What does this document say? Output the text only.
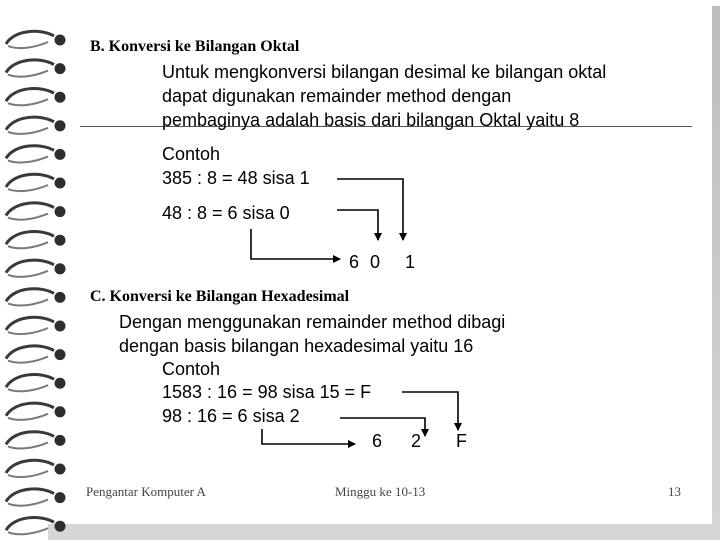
B. Konversi ke Bilangan Oktal
Untuk mengkonversi bilangan desimal ke bilangan oktal
dapat digunakan remainder method dengan
pembaginya adalah basis dari bilangan Oktal yaitu 8
Contoh
385 : 8 = 48 sisa 1
48 : 8 = 6 sisa 0
6 0 1
C. Konversi ke Bilangan Hexadesimal
Dengan menggunakan remainder method dibagi
dengan basis bilangan hexadesimal yaitu 16
Contoh
1583 : 16 = 98 sisa 15 = F
98 : 16 = 6 sisa 2
6 2 F
Pengantar Komputer A	Minggu ke 10-13	13
